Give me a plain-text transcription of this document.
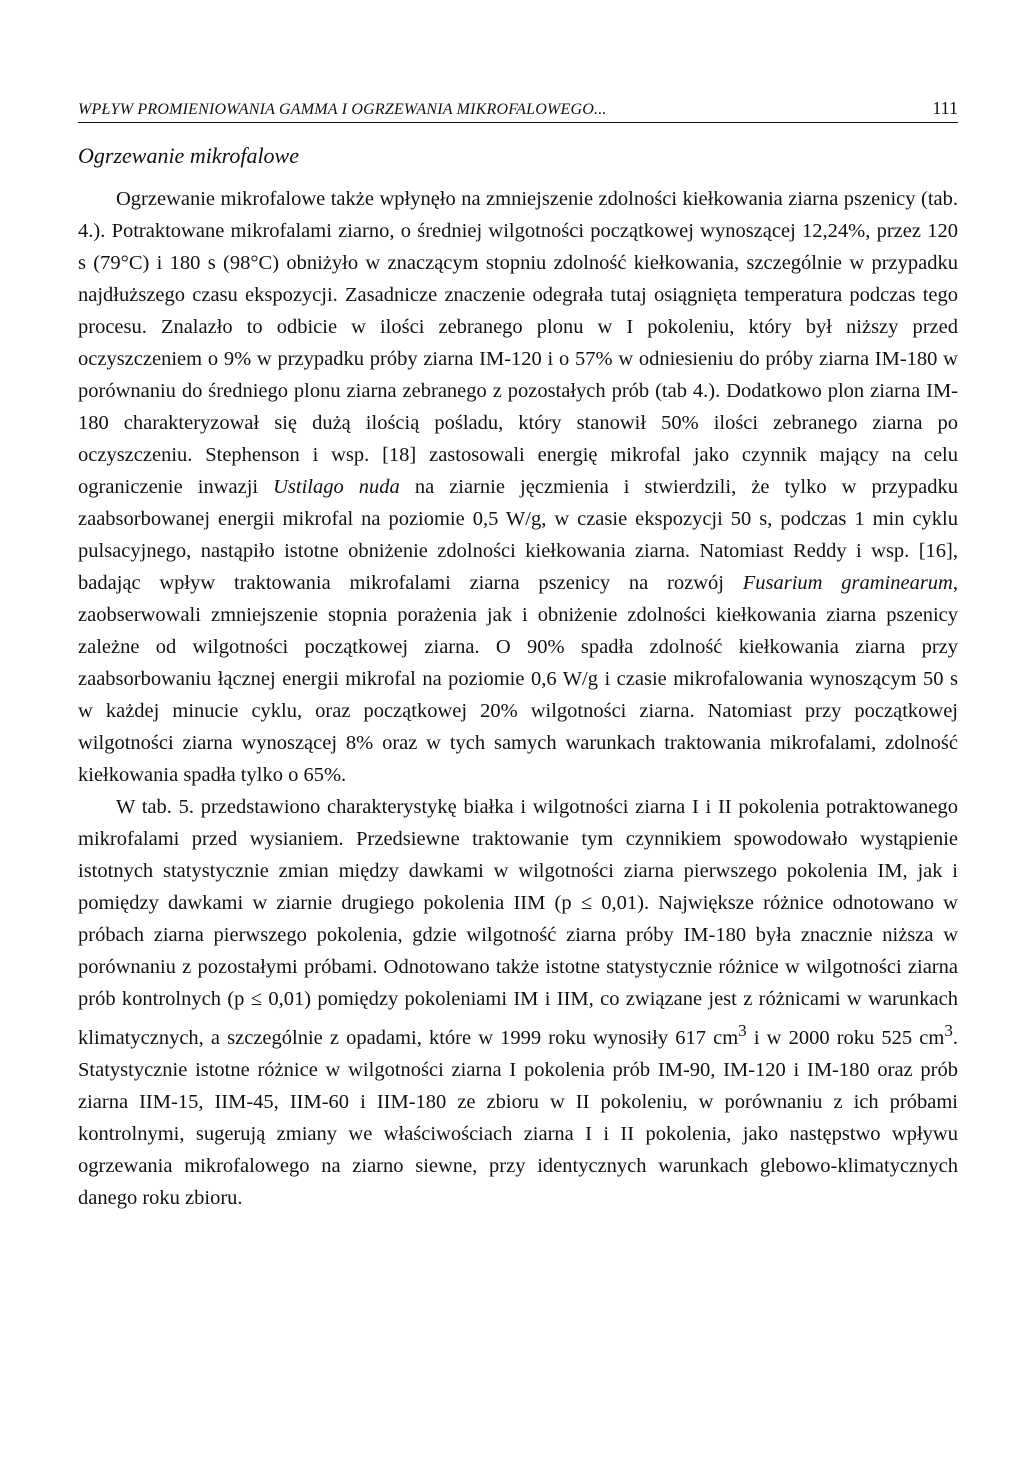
WPŁYW PROMIENIOWANIA GAMMA I OGRZEWANIA MIKROFALOWEGO...	111
Ogrzewanie mikrofalowe

Ogrzewanie mikrofalowe także wpłynęło na zmniejszenie zdolności kiełkowania ziarna pszenicy (tab. 4.). Potraktowane mikrofalami ziarno, o średniej wilgotności początkowej wynoszącej 12,24%, przez 120 s (79°C) i 180 s (98°C) obniżyło w znaczącym stopniu zdolność kiełkowania, szczególnie w przypadku najdłuższego czasu ekspozycji. Zasadnicze znaczenie odegrała tutaj osiągnięta temperatura podczas tego procesu. Znalazło to odbicie w ilości zebranego plonu w I pokoleniu, który był niższy przed oczyszczeniem o 9% w przypadku próby ziarna IM-120 i o 57% w odniesieniu do próby ziarna IM-180 w porównaniu do średniego plonu ziarna zebranego z pozostałych prób (tab 4.). Dodatkowo plon ziarna IM-180 charakteryzował się dużą ilością pośladu, który stanowił 50% ilości zebranego ziarna po oczyszczeniu. Stephenson i wsp. [18] zastosowali energię mikrofal jako czynnik mający na celu ograniczenie inwazji Ustilago nuda na ziarnie jęczmienia i stwierdzili, że tylko w przypadku zaabsorbowanej energii mikrofal na poziomie 0,5 W/g, w czasie ekspozycji 50 s, podczas 1 min cyklu pulsacyjnego, nastąpiło istotne obniżenie zdolności kiełkowania ziarna. Natomiast Reddy i wsp. [16], badając wpływ traktowania mikrofalami ziarna pszenicy na rozwój Fusarium graminearum, zaobserwowali zmniejszenie stopnia porażenia jak i obniżenie zdolności kiełkowania ziarna pszenicy zależne od wilgotności początkowej ziarna. O 90% spadła zdolność kiełkowania ziarna przy zaabsorbowaniu łącznej energii mikrofal na poziomie 0,6 W/g i czasie mikrofalowania wynoszącym 50 s w każdej minucie cyklu, oraz początkowej 20% wilgotności ziarna. Natomiast przy początkowej wilgotności ziarna wynoszącej 8% oraz w tych samych warunkach traktowania mikrofalami, zdolność kiełkowania spadła tylko o 65%.

W tab. 5. przedstawiono charakterystykę białka i wilgotności ziarna I i II pokolenia potraktowanego mikrofalami przed wysianiem. Przedsiewne traktowanie tym czynnikiem spowodowało wystąpienie istotnych statystycznie zmian między dawkami w wilgotności ziarna pierwszego pokolenia IM, jak i pomiędzy dawkami w ziarnie drugiego pokolenia IIM (p ≤ 0,01). Największe różnice odnotowano w próbach ziarna pierwszego pokolenia, gdzie wilgotność ziarna próby IM-180 była znacznie niższa w porównaniu z pozostałymi próbami. Odnotowano także istotne statystycznie różnice w wilgotności ziarna prób kontrolnych (p ≤ 0,01) pomiędzy pokoleniami IM i IIM, co związane jest z różnicami w warunkach klimatycznych, a szczególnie z opadami, które w 1999 roku wynosiły 617 $cm^3$ i w 2000 roku 525 $cm^3$. Statystycznie istotne różnice w wilgotności ziarna I pokolenia prób IM-90, IM-120 i IM-180 oraz prób ziarna IIM-15, IIM-45, IIM-60 i IIM-180 ze zbioru w II pokoleniu, w porównaniu z ich próbami kontrolnymi, sugerują zmiany we właściwościach ziarna I i II pokolenia, jako następstwo wpływu ogrzewania mikrofalowego na ziarno siewne, przy identycznych warunkach glebowo-klimatycznych danego roku zbioru.
